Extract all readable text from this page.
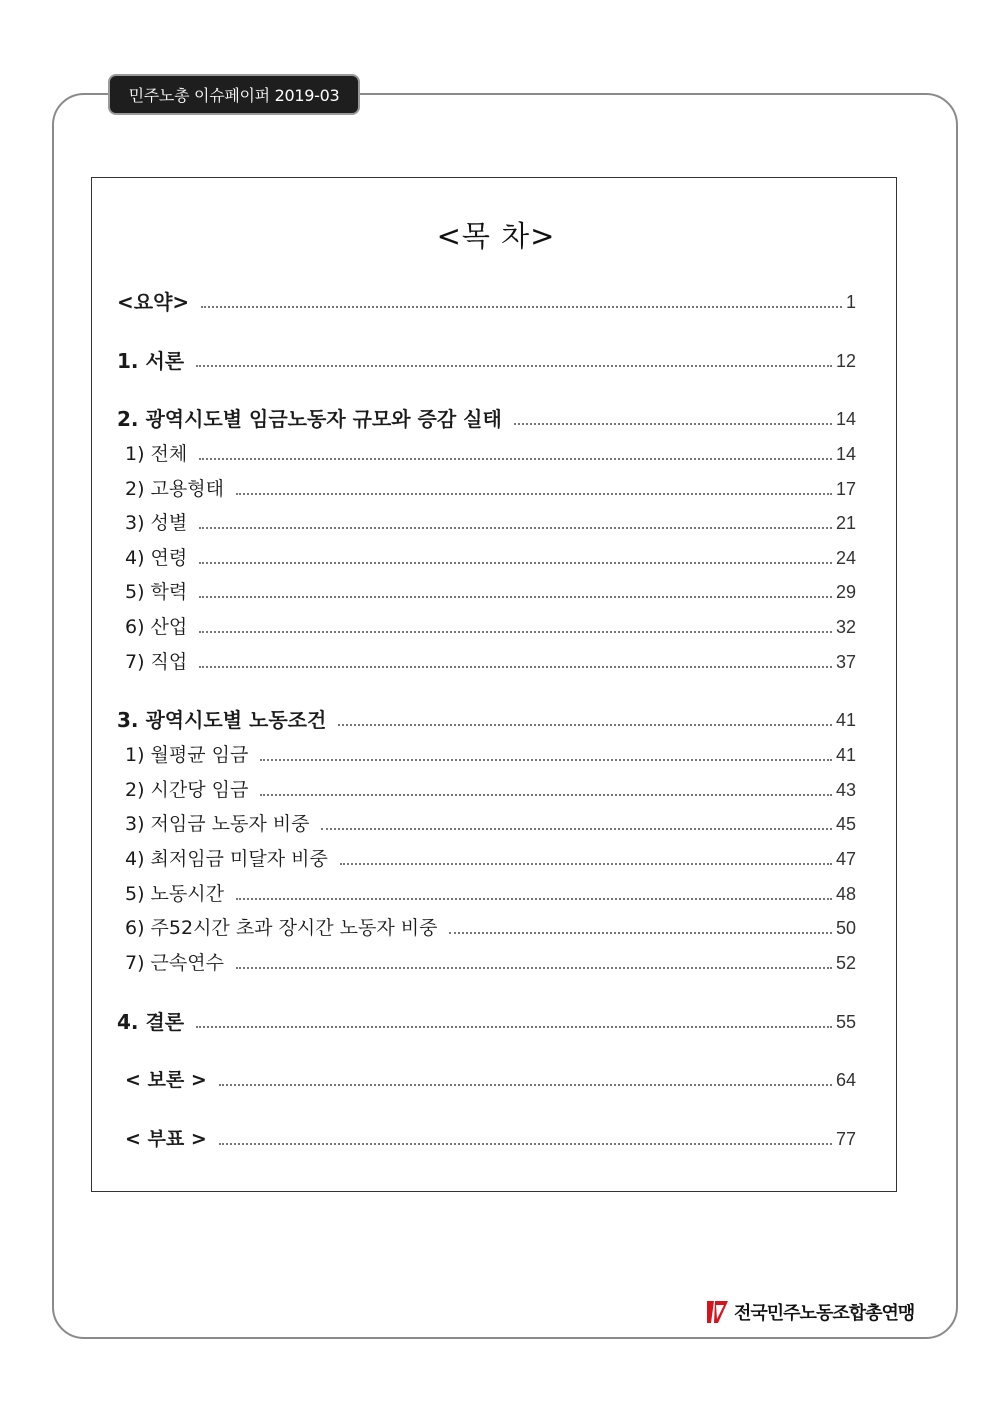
민주노총 이슈페이퍼 2019-03
<목 차>
<요약>	1
1. 서론	12
2. 광역시도별 임금노동자 규모와 증감 실태	14
1) 전체	14
2) 고용형태	17
3) 성별	21
4) 연령	24
5) 학력	29
6) 산업	32
7) 직업	37
3. 광역시도별 노동조건	41
1) 월평균 임금	41
2) 시간당 임금	43
3) 저임금 노동자 비중	45
4) 최저임금 미달자 비중	47
5) 노동시간	48
6) 주52시간 초과 장시간 노동자 비중	50
7) 근속연수	52
4. 결론	55
< 보론 >	64
< 부표 >	77
전국민주노동조합총연맹
